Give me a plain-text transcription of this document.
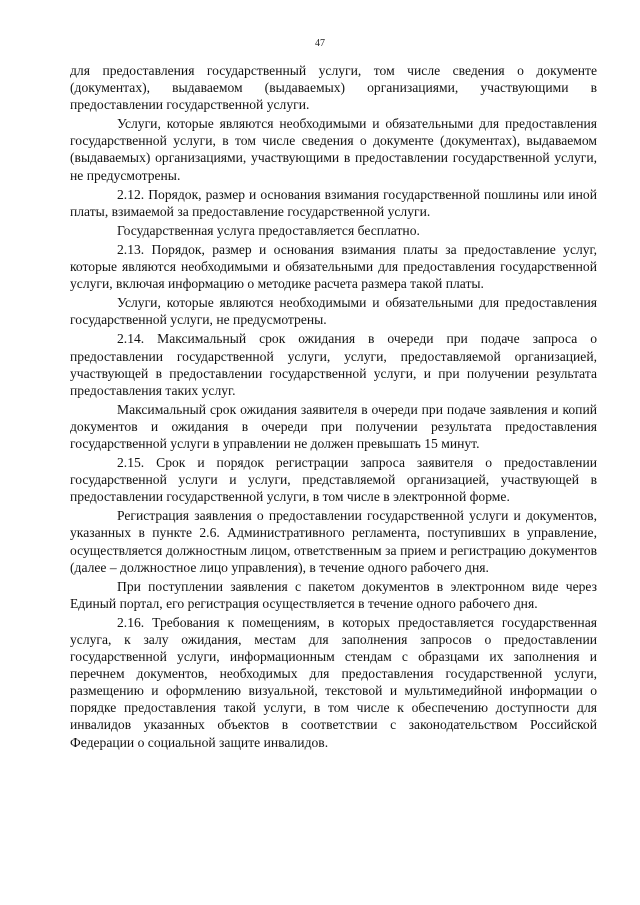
47

для предоставления государственный услуги, том числе сведения о документе (документах), выдаваемом (выдаваемых) организациями, участвующими в предоставлении государственной услуги.

Услуги, которые являются необходимыми и обязательными для предоставления государственной услуги, в том числе сведения о документе (документах), выдаваемом (выдаваемых) организациями, участвующими в предоставлении государственной услуги, не предусмотрены.

2.12. Порядок, размер и основания взимания государственной пошлины или иной платы, взимаемой за предоставление государственной услуги.

Государственная услуга предоставляется бесплатно.

2.13. Порядок, размер и основания взимания платы за предоставление услуг, которые являются необходимыми и обязательными для предоставления государственной услуги, включая информацию о методике расчета размера такой платы.

Услуги, которые являются необходимыми и обязательными для предоставления государственной услуги, не предусмотрены.

2.14. Максимальный срок ожидания в очереди при подаче запроса о предоставлении государственной услуги, услуги, предоставляемой организацией, участвующей в предоставлении государственной услуги, и при получении результата предоставления таких услуг.

Максимальный срок ожидания заявителя в очереди при подаче заявления и копий документов и ожидания в очереди при получении результата предоставления государственной услуги в управлении не должен превышать 15 минут.

2.15. Срок и порядок регистрации запроса заявителя о предоставлении государственной услуги и услуги, представляемой организацией, участвующей в предоставлении государственной услуги, в том числе в электронной форме.

Регистрация заявления о предоставлении государственной услуги и документов, указанных в пункте 2.6. Административного регламента, поступивших в управление, осуществляется должностным лицом, ответственным за прием и регистрацию документов (далее – должностное лицо управления), в течение одного рабочего дня.

При поступлении заявления с пакетом документов в электронном виде через Единый портал, его регистрация осуществляется в течение одного рабочего дня.

2.16. Требования к помещениям, в которых предоставляется государственная услуга, к залу ожидания, местам для заполнения запросов о предоставлении государственной услуги, информационным стендам с образцами их заполнения и перечнем документов, необходимых для предоставления государственной услуги, размещению и оформлению визуальной, текстовой и мультимедийной информации о порядке предоставления такой услуги, в том числе к обеспечению доступности для инвалидов указанных объектов в соответствии с законодательством Российской Федерации о социальной защите инвалидов.
